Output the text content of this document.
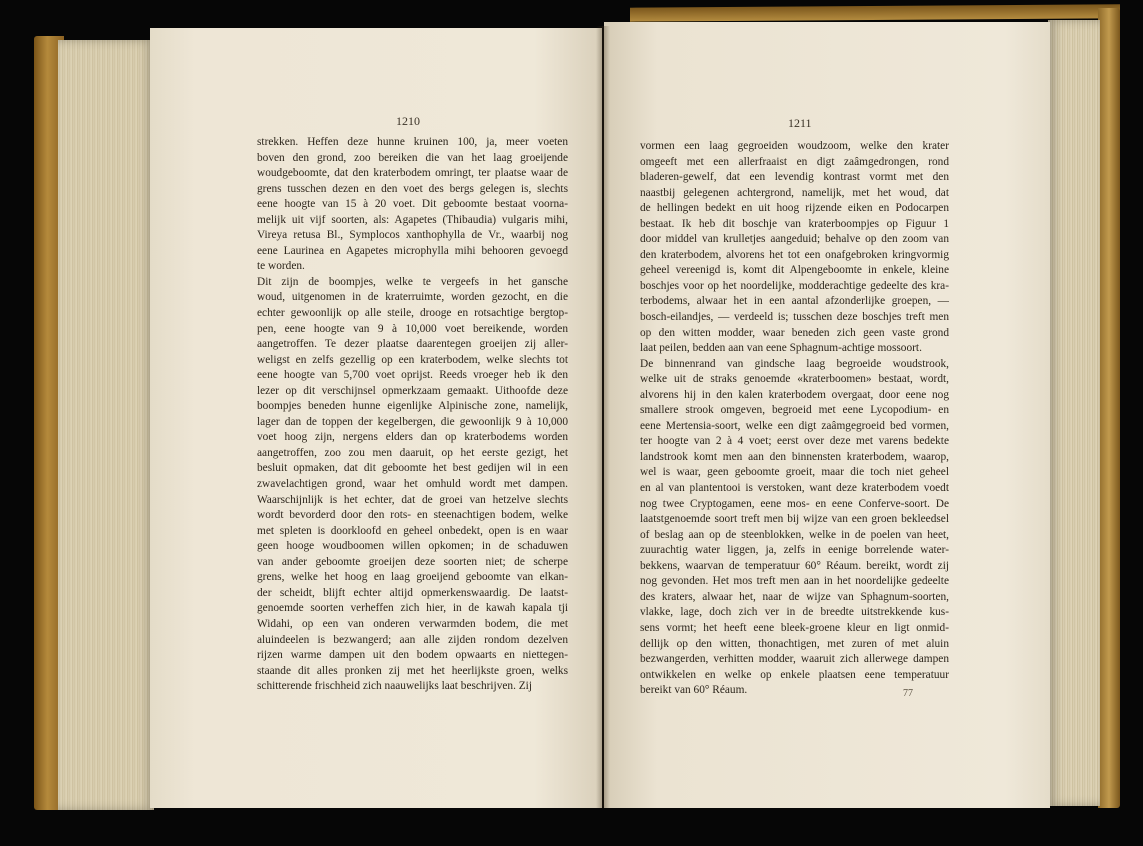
1210	1211
strekken. Heffen deze hunne kruinen 100, ja, meer voeten
boven den grond, zoo bereiken die van het laag groeijende
woudgeboomte, dat den kraterbodem omringt, ter plaatse waar de
grens tusschen dezen en den voet des bergs gelegen is, slechts
eene hoogte van 15 à 20 voet. Dit geboomte bestaat voorna-
melijk uit vijf soorten, als: Agapetes (Thibaudia) vulgaris mihi,
Vireya retusa Bl., Symplocos xanthophylla de Vr., waarbij nog
eene Laurinea en Agapetes microphylla mihi behooren gevoegd
te worden.
Dit zijn de boompjes, welke te vergeefs in het gansche
woud, uitgenomen in de kraterruimte, worden gezocht, en die
echter gewoonlijk op alle steile, drooge en rotsachtige bergtop-
pen, eene hoogte van 9 à 10,000 voet bereikende, worden
aangetroffen. Te dezer plaatse daarentegen groeijen zij aller-
weligst en zelfs gezellig op een kraterbodem, welke slechts tot
eene hoogte van 5,700 voet oprijst. Reeds vroeger heb ik den
lezer op dit verschijnsel opmerkzaam gemaakt. Uithoofde deze
boompjes beneden hunne eigenlijke Alpinische zone, namelijk,
lager dan de toppen der kegelbergen, die gewoonlijk 9 à 10,000
voet hoog zijn, nergens elders dan op kraterbodems worden
aangetroffen, zoo zou men daaruit, op het eerste gezigt, het
besluit opmaken, dat dit geboomte het best gedijen wil in een
zwavelachtigen grond, waar het omhuld wordt met dampen.
Waarschijnlijk is het echter, dat de groei van hetzelve slechts
wordt bevorderd door den rots- en steenachtigen bodem, welke
met spleten is doorkloofd en geheel onbedekt, open is en waar
geen hooge woudboomen willen opkomen; in de schaduwen
van ander geboomte groeijen deze soorten niet; de scherpe
grens, welke het hoog en laag groeijend geboomte van elkan-
der scheidt, blijft echter altijd opmerkenswaardig. De laatst-
genoemde soorten verheffen zich hier, in de kawah kapala tji
Widahi, op een van onderen verwarmden bodem, die met
aluindeelen is bezwangerd; aan alle zijden rondom dezelven
rijzen warme dampen uit den bodem opwaarts en niettegen-
staande dit alles pronken zij met het heerlijkste groen, welks
schitterende frischheid zich naauwelijks laat beschrijven. Zij
vormen een laag gegroeiden woudzoom, welke den krater
omgeeft met een allerfraaist en digt zaâmgedrongen, rond
bladeren-gewelf, dat een levendig kontrast vormt met den
naastbij gelegenen achtergrond, namelijk, met het woud, dat
de hellingen bedekt en uit hoog rijzende eiken en Podocarpen
bestaat. Ik heb dit boschje van kraterboompjes op Figuur 1
door middel van krulletjes aangeduid; behalve op den zoom van
den kraterbodem, alvorens het tot een onafgebroken kringvormig
geheel vereenigd is, komt dit Alpengeboomte in enkele, kleine
boschjes voor op het noordelijke, modderachtige gedeelte des kra-
terbodems, alwaar het in een aantal afzonderlijke groepen, —
bosch-eilandjes, — verdeeld is; tusschen deze boschjes treft men
op den witten modder, waar beneden zich geen vaste grond
laat peilen, bedden aan van eene Sphagnum-achtige mossoort.
De binnenrand van gindsche laag begroeide woudstrook,
welke uit de straks genoemde «kraterboomen» bestaat, wordt,
alvorens hij in den kalen kraterbodem overgaat, door eene nog
smallere strook omgeven, begroeid met eene Lycopodium- en
eene Mertensia-soort, welke een digt zaâmgegroeid bed vormen,
ter hoogte van 2 à 4 voet; eerst over deze met varens bedekte
landstrook komt men aan den binnensten kraterbodem, waarop,
wel is waar, geen geboomte groeit, maar die toch niet geheel
en al van plantentooi is verstoken, want deze kraterbodem voedt
nog twee Cryptogamen, eene mos- en eene Conferve-soort. De
laatstgenoemde soort treft men bij wijze van een groen bekleedsel
of beslag aan op de steenblokken, welke in de poelen van heet,
zuurachtig water liggen, ja, zelfs in eenige borrelende water-
bekkens, waarvan de temperatuur 60° Réaum. bereikt, wordt zij
nog gevonden. Het mos treft men aan in het noordelijke gedeelte
des kraters, alwaar het, naar de wijze van Sphagnum-soorten,
vlakke, lage, doch zich ver in de breedte uitstrekkende kus-
sens vormt; het heeft eene bleek-groene kleur en ligt onmid-
dellijk op den witten, thonachtigen, met zuren of met aluin
bezwangerden, verhitten modder, waaruit zich allerwege dampen
ontwikkelen en welke op enkele plaatsen eene temperatuur
bereikt van 60° Réaum.	77
